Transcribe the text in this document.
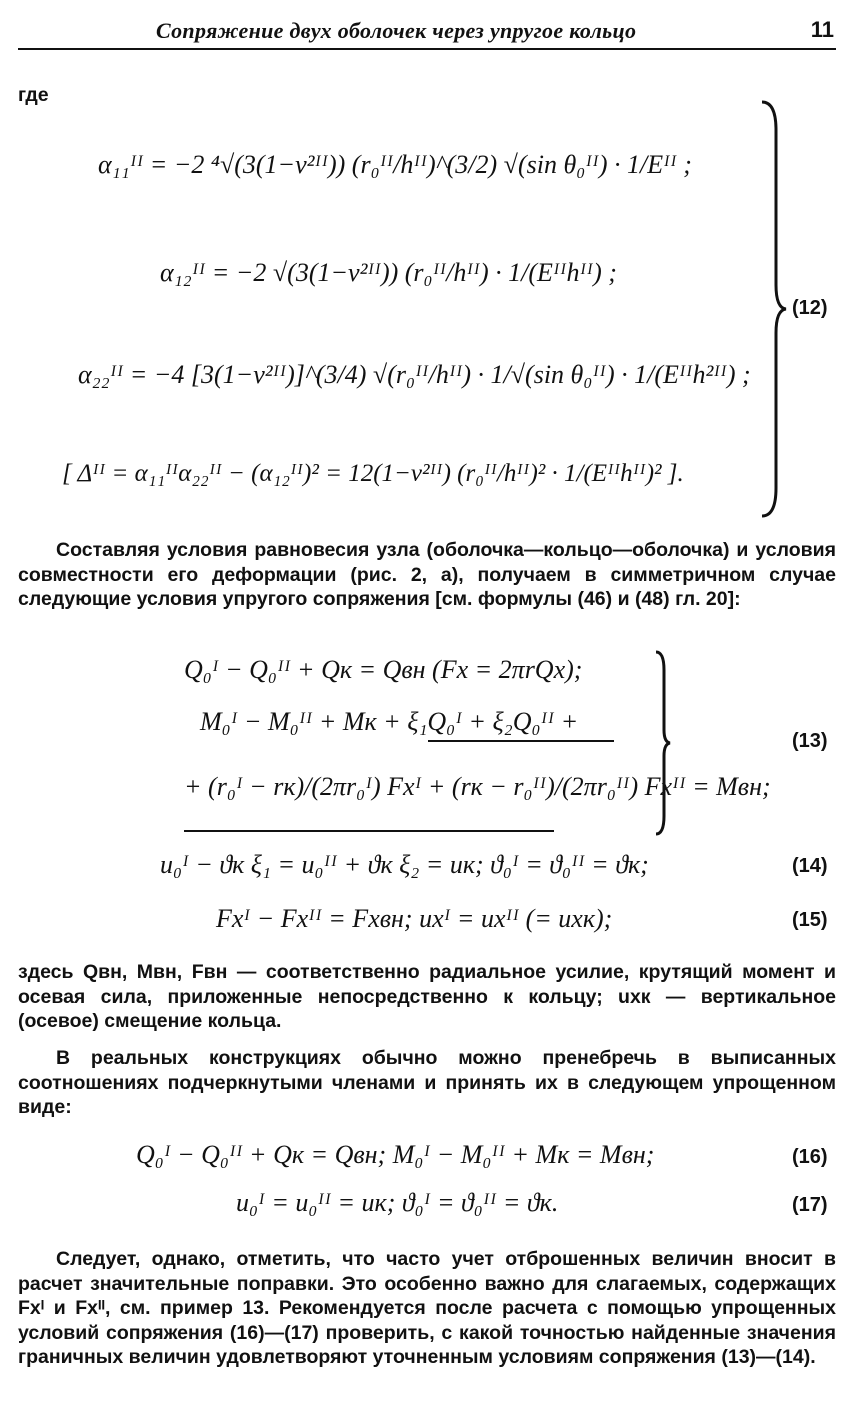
Сопряжение двух оболочек через упругое кольцо	11
где
α₁₁ᴵᴵ = −2 ⁴√(3(1−ν²ᴵᴵ)) (r₀ᴵᴵ/hᴵᴵ)^(3/2) √(sin θ₀ᴵᴵ) · 1/Eᴵᴵ ;
α₁₂ᴵᴵ = −2 √(3(1−ν²ᴵᴵ)) (r₀ᴵᴵ/hᴵᴵ) · 1/(Eᴵᴵhᴵᴵ) ;
α₂₂ᴵᴵ = −4 [3(1−ν²ᴵᴵ)]^(3/4) √(r₀ᴵᴵ/hᴵᴵ) · 1/√(sin θ₀ᴵᴵ) · 1/(Eᴵᴵh²ᴵᴵ) ;
[ Δᴵᴵ = α₁₁ᴵᴵα₂₂ᴵᴵ − (α₁₂ᴵᴵ)² = 12(1−ν²ᴵᴵ) (r₀ᴵᴵ/hᴵᴵ)² · 1/(Eᴵᴵhᴵᴵ)² ].
(12)
Составляя условия равновесия узла (оболочка—кольцо—оболочка) и условия совместности его деформации (рис. 2, а), получаем в симметричном случае следующие условия упругого сопряжения [см. формулы (46) и (48) гл. 20]:
Q₀ᴵ − Q₀ᴵᴵ + Qк = Qвн (Fx = 2πrQx);
M₀ᴵ − M₀ᴵᴵ + Mк + ξ₁Q₀ᴵ + ξ₂Q₀ᴵᴵ +
+ (r₀ᴵ − rк)/(2πr₀ᴵ) Fxᴵ + (rк − r₀ᴵᴵ)/(2πr₀ᴵᴵ) Fxᴵᴵ = Mвн;
(13)
u₀ᴵ − ϑк ξ₁ = u₀ᴵᴵ + ϑк ξ₂ = uк; ϑ₀ᴵ = ϑ₀ᴵᴵ = ϑк;	(14)
Fxᴵ − Fxᴵᴵ = Fxвн; uxᴵ = uxᴵᴵ (= uxк);	(15)
здесь Qвн, Mвн, Fвн — соответственно радиальное усилие, крутящий момент и осевая сила, приложенные непосредственно к кольцу; uxк — вертикальное (осевое) смещение кольца.
В реальных конструкциях обычно можно пренебречь в выписанных соотношениях подчеркнутыми членами и принять их в следующем упрощенном виде:
Q₀ᴵ − Q₀ᴵᴵ + Qк = Qвн; M₀ᴵ − M₀ᴵᴵ + Mк = Mвн;	(16)
u₀ᴵ = u₀ᴵᴵ = uк; ϑ₀ᴵ = ϑ₀ᴵᴵ = ϑк.	(17)
Следует, однако, отметить, что часто учет отброшенных величин вносит в расчет значительные поправки. Это особенно важно для слагаемых, содержащих Fxᴵ и Fxᴵᴵ, см. пример 13. Рекомендуется после расчета с помощью упрощенных условий сопряжения (16)—(17) проверить, с какой точностью найденные значения граничных величин удовлетворяют уточненным условиям сопряжения (13)—(14).
